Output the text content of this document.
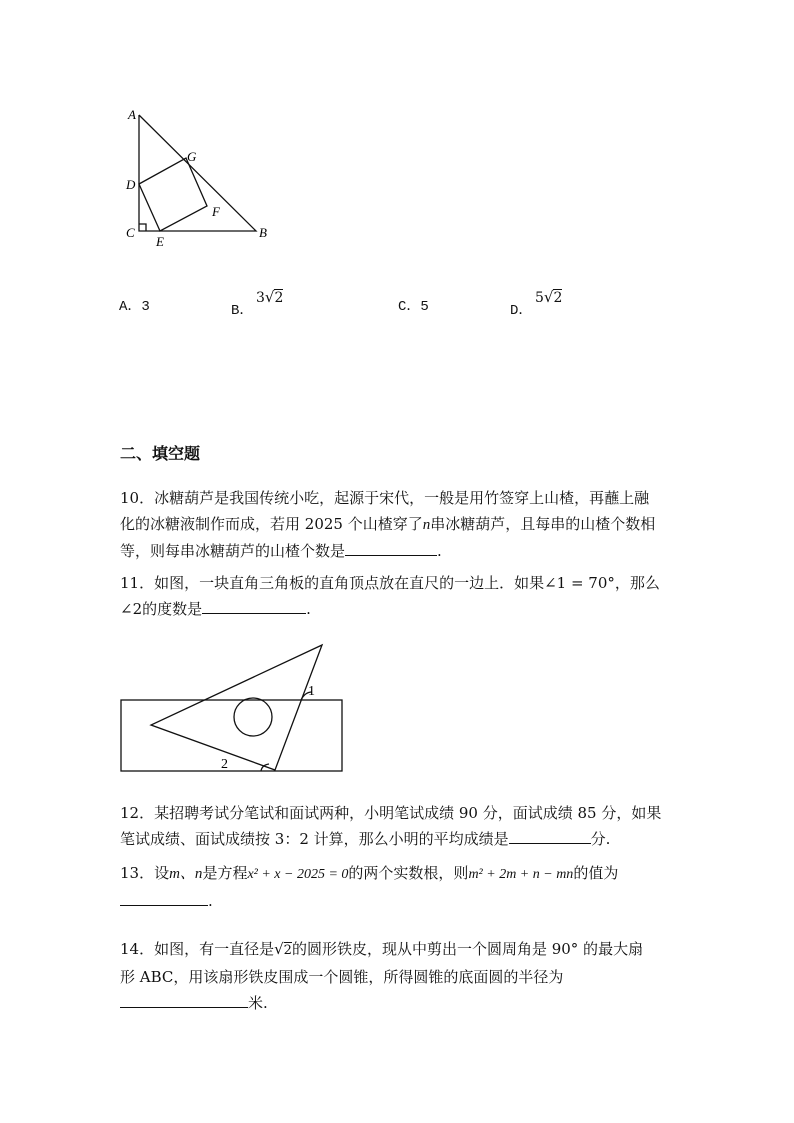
A
G
D
F
C
E
B
A．3	B．
3√2
C．5	D．
5√2
二、填空题
10．冰糖葫芦是我国传统小吃，起源于宋代，一般是用竹签穿上山楂，再蘸上融
化的冰糖液制作而成，若用 2025 个山楂穿了n串冰糖葫芦，且每串的山楂个数相
等，则每串冰糖葫芦的山楂个数是	.
11．如图，一块直角三角板的直角顶点放在直尺的一边上．如果∠1 = 70°，那么
∠2的度数是	.
1
2
12．某招聘考试分笔试和面试两种，小明笔试成绩 90 分，面试成绩 85 分，如果
笔试成绩、面试成绩按 3：2 计算，那么小明的平均成绩是	分.
13．设m、n是方程x² + x − 2025 = 0的两个实数根，则m² + 2m + n − mn的值为
.
14．如图，有一直径是√2的圆形铁皮，现从中剪出一个圆周角是 90° 的最大扇
形 ABC，用该扇形铁皮围成一个圆锥，所得圆锥的底面圆的半径为
米.
